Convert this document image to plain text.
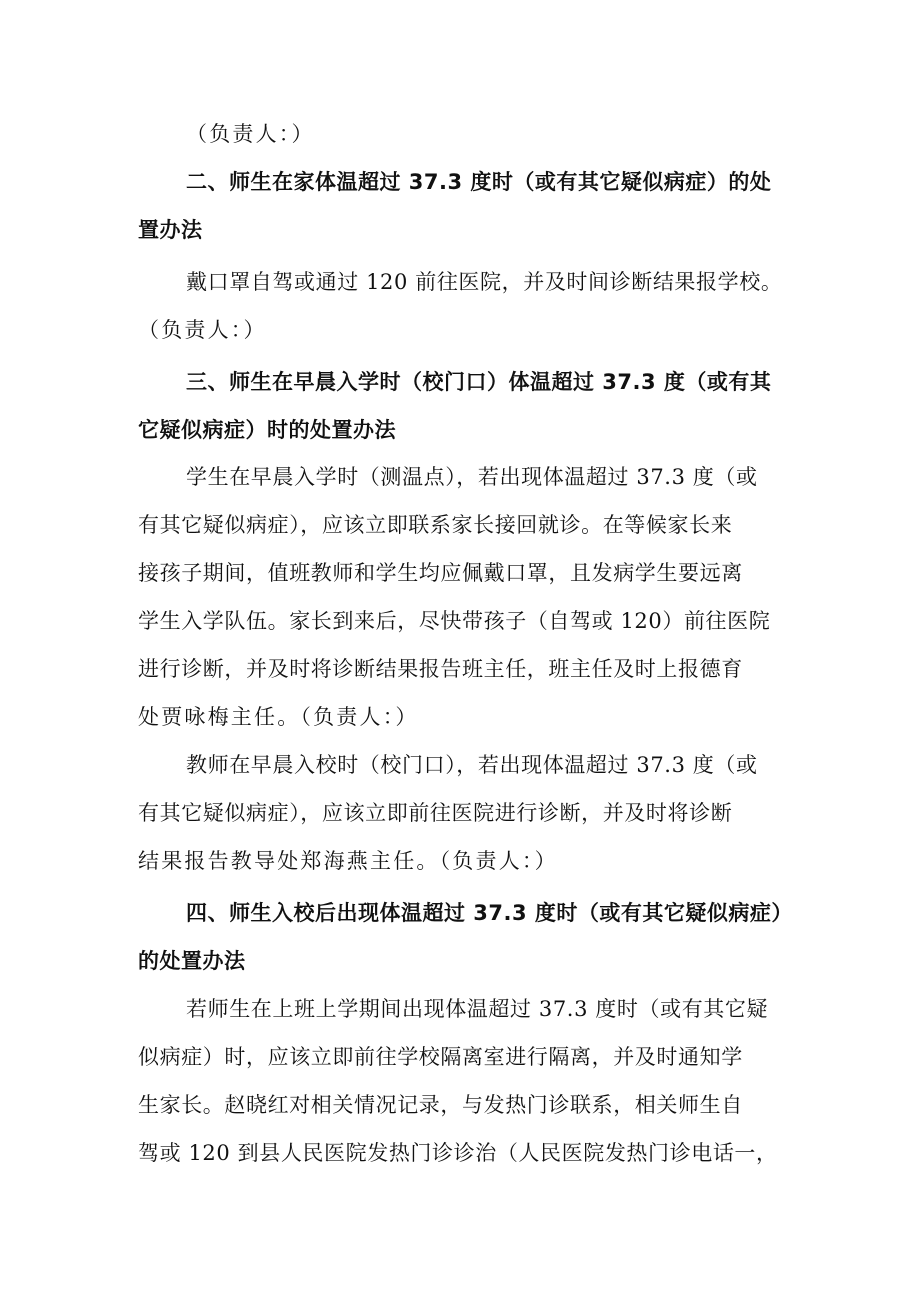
（负责人：）
二、师生在家体温超过 37.3 度时（或有其它疑似病症）的处
置办法
戴口罩自驾或通过 120 前往医院，并及时间诊断结果报学校。
（负责人：）
三、师生在早晨入学时（校门口）体温超过 37.3 度（或有其
它疑似病症）时的处置办法
学生在早晨入学时（测温点），若出现体温超过 37.3 度（或
有其它疑似病症），应该立即联系家长接回就诊。在等候家长来
接孩子期间，值班教师和学生均应佩戴口罩，且发病学生要远离
学生入学队伍。家长到来后，尽快带孩子（自驾或 120）前往医院
进行诊断，并及时将诊断结果报告班主任，班主任及时上报德育
处贾咏梅主任。（负责人：）
教师在早晨入校时（校门口），若出现体温超过 37.3 度（或
有其它疑似病症），应该立即前往医院进行诊断，并及时将诊断
结果报告教导处郑海燕主任。（负责人：）
四、师生入校后出现体温超过 37.3 度时（或有其它疑似病症）
的处置办法
若师生在上班上学期间出现体温超过 37.3 度时（或有其它疑
似病症）时，应该立即前往学校隔离室进行隔离，并及时通知学
生家长。赵晓红对相关情况记录，与发热门诊联系，相关师生自
驾或 120 到县人民医院发热门诊诊治（人民医院发热门诊电话一，
